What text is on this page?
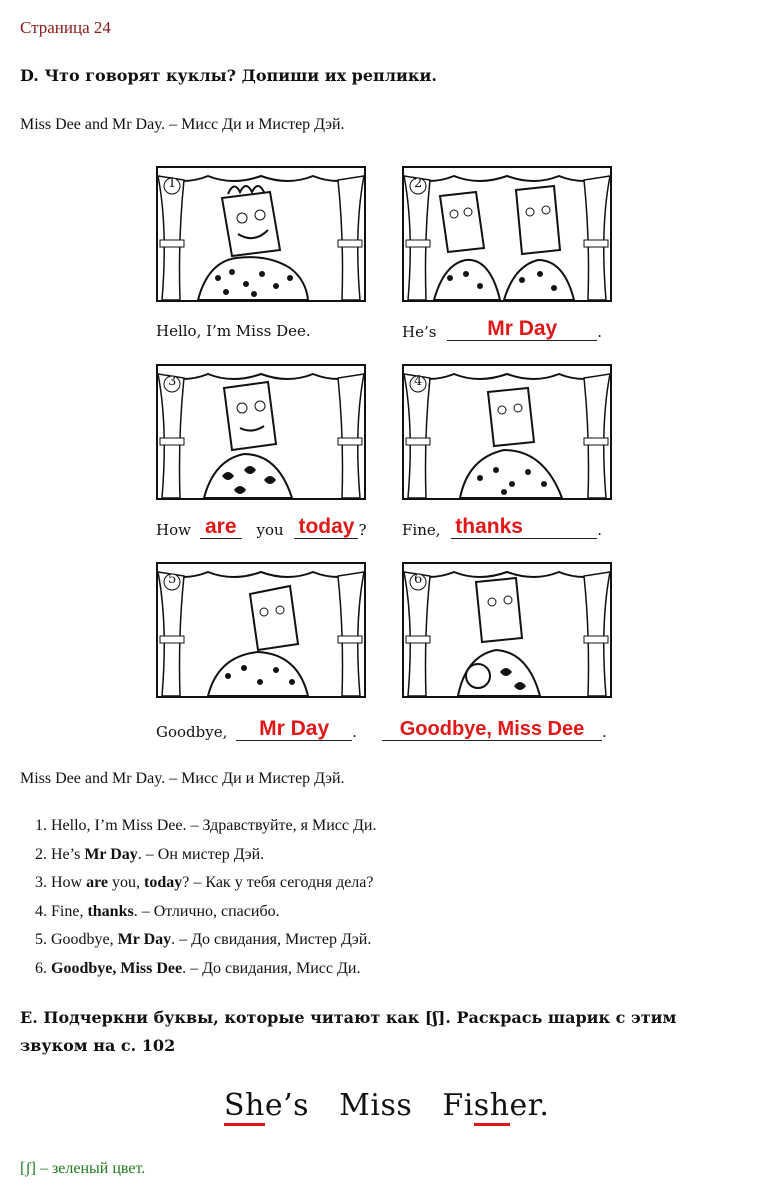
Страница 24
D. Что говорят куклы? Допиши их реплики.
Miss Dee and Mr Day. – Мисс Ди и Мистер Дэй.
1	2
3	4
5	6
Hello, I’m Miss Dee.	He’s	Mr Day	.
How are	you today ? Fine, thanks	.
Goodbye,	Mr Day	.	Goodbye, Miss Dee	.
Miss Dee and Mr Day. – Мисс Ди и Мистер Дэй.
1. Hello, I’m Miss Dee. – Здравствуйте, я Мисс Ди.
2. He’s Mr Day. – Он мистер Дэй.
3. How are you, today? – Как у тебя сегодня дела?
4. Fine, thanks. – Отлично, спасибо.
5. Goodbye, Mr Day. – До свидания, Мистер Дэй.
6. Goodbye, Miss Dee. – До свидания, Мисс Ди.
E. Подчеркни буквы, которые читают как [ʃ]. Раскрась шарик с этим
звуком на с. 102
She’s   Miss   Fisher.
[ʃ] – зеленый цвет.
